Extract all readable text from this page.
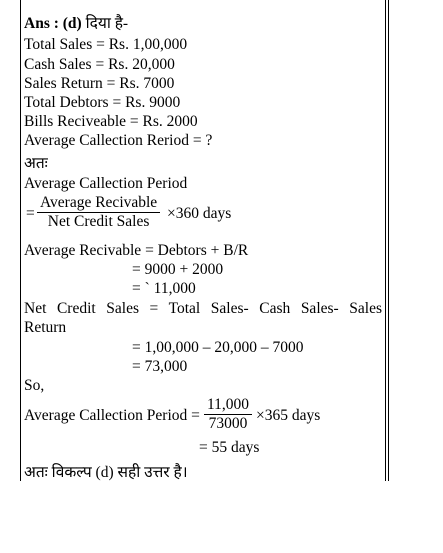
Ans : (d) दिया है-
Total Sales = Rs. 1,00,000
Cash Sales = Rs. 20,000
Sales Return = Rs. 7000
Total Debtors = Rs. 9000
Bills Recivеable = Rs. 2000
Average Callection Rеriod = ?
अतः
Average Callection Period
=
Average Recivable
Net Credit Sales	×360 days
Average Recivable = Debtors + B/R
= 9000 + 2000
= ` 11,000
Net Credit Sales = Total Sales- Cash Sales- Sales
Return
= 1,00,000 – 20,000 – 7000
= 73,000
So,
Average Callection Period = $\frac{11,000}{73000} \times 365$ days
= 55 days
अतः विकल्प (d) सही उत्तर है।
